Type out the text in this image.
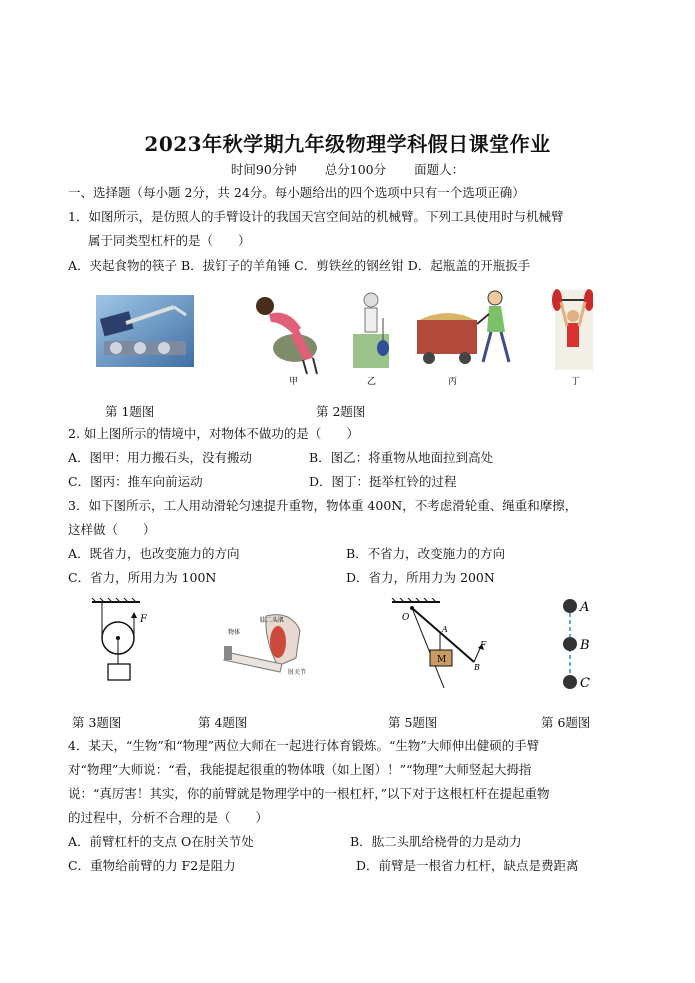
2023年秋学期九年级物理学科假日课堂作业
时间90分钟 总分100分 面题人：
一、选择题（每小题 2分，共 24分。每小题给出的四个选项中只有一个选项正确）
1．如图所示，是仿照人的手臂设计的我国天宫空间站的机械臂。下列工具使用时与机械臂
属于同类型杠杆的是（　　）
A．夹起食物的筷子 B．拔钉子的羊角锤 C．剪铁丝的钢丝钳 D．起瓶盖的开瓶扳手
甲	乙	丙	丁
第 1题图	第 2题图
2. 如上图所示的情境中，对物体不做功的是（　　）
A．图甲：用力搬石头，没有搬动	B．图乙：将重物从地面拉到高处
C．图丙：推车向前运动	D．图丁：挺举杠铃的过程
3．如下图所示，工人用动滑轮匀速提升重物，物体重 400N，不考虑滑轮重、绳重和摩擦，
这样做（　　）
A．既省力，也改变施力的方向	B．不省力，改变施力的方向
C．省力，所用力为 100N	D．省力，所用力为 200N
F	肱二头肌
物体
肘关节
O
A
F
M
B
A
B
C
第 3题图	第 4题图	第 5题图	第 6题图
4．某天，“生物”和“物理”两位大师在一起进行体育锻炼。“生物”大师伸出健硕的手臂
对“物理”大师说：“看，我能提起很重的物体哦（如上图）！”“物理”大师竖起大拇指
说：“真厉害！其实，你的前臂就是物理学中的一根杠杆，”以下对于这根杠杆在提起重物
的过程中，分析不合理的是（　　）
A．前臂杠杆的支点 O在肘关节处	B．肱二头肌给桡骨的力是动力
C．重物给前臂的力 F2是阻力	D．前臂是一根省力杠杆，缺点是费距离
